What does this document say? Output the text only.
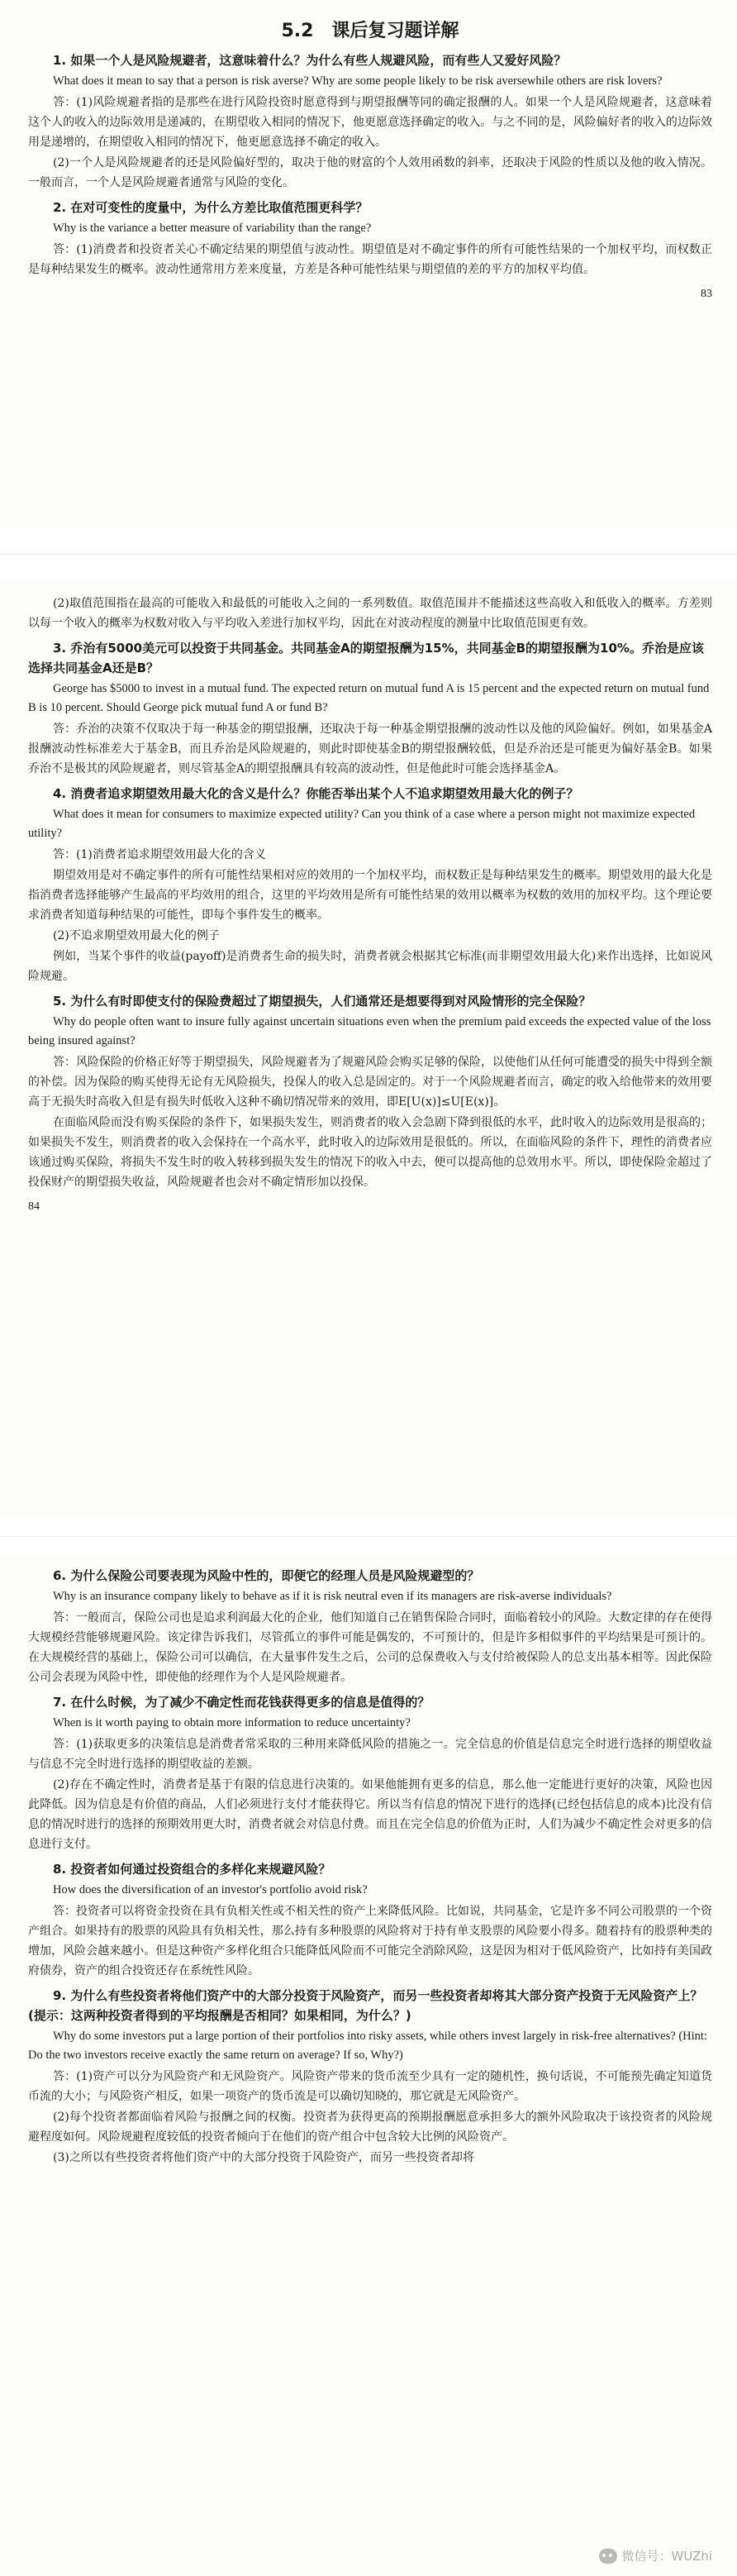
5.2　课后复习题详解
1. 如果一个人是风险规避者，这意味着什么？为什么有些人规避风险，而有些人又爱好风险？
What does it mean to say that a person is risk averse? Why are some people likely to be risk aversewhile others are risk lovers?
答：(1)风险规避者指的是那些在进行风险投资时愿意得到与期望报酬等同的确定报酬的人。如果一个人是风险规避者，这意味着这个人的收入的边际效用是递减的，在期望收入相同的情况下，他更愿意选择确定的收入。与之不同的是，风险偏好者的收入的边际效用是递增的，在期望收入相同的情况下，他更愿意选择不确定的收入。
(2)一个人是风险规避者的还是风险偏好型的，取决于他的财富的个人效用函数的斜率，还取决于风险的性质以及他的收入情况。一般而言，一个人是风险规避者通常与风险的变化。
2. 在对可变性的度量中，为什么方差比取值范围更科学？
Why is the variance a better measure of variability than the range?
答：(1)消费者和投资者关心不确定结果的期望值与波动性。期望值是对不确定事件的所有可能性结果的一个加权平均，而权数正是每种结果发生的概率。波动性通常用方差来度量，方差是各种可能性结果与期望值的差的平方的加权平均值。
83
(2)取值范围指在最高的可能收入和最低的可能收入之间的一系列数值。取值范围并不能描述这些高收入和低收入的概率。方差则以每一个收入的概率为权数对收入与平均收入差进行加权平均，因此在对波动程度的测量中比取值范围更有效。
3. 乔治有5000美元可以投资于共同基金。共同基金A的期望报酬为15%，共同基金B的期望报酬为10%。乔治是应该选择共同基金A还是B？
George has $5000 to invest in a mutual fund. The expected return on mutual fund A is 15 percent and the expected return on mutual fund B is 10 percent. Should George pick mutual fund A or fund B?
答：乔治的决策不仅取决于每一种基金的期望报酬，还取决于每一种基金期望报酬的波动性以及他的风险偏好。例如，如果基金A报酬波动性标准差大于基金B，而且乔治是风险规避的，则此时即使基金B的期望报酬较低，但是乔治还是可能更为偏好基金B。如果乔治不是极其的风险规避者，则尽管基金A的期望报酬具有较高的波动性，但是他此时可能会选择基金A。
4. 消费者追求期望效用最大化的含义是什么？你能否举出某个人不追求期望效用最大化的例子？
What does it mean for consumers to maximize expected utility? Can you think of a case where a person might not maximize expected utility?
答：(1)消费者追求期望效用最大化的含义
期望效用是对不确定事件的所有可能性结果相对应的效用的一个加权平均，而权数正是每种结果发生的概率。期望效用的最大化是指消费者选择能够产生最高的平均效用的组合，这里的平均效用是所有可能性结果的效用以概率为权数的效用的加权平均。这个理论要求消费者知道每种结果的可能性，即每个事件发生的概率。
(2)不追求期望效用最大化的例子
例如，当某个事件的收益(payoff)是消费者生命的损失时，消费者就会根据其它标准(而非期望效用最大化)来作出选择，比如说风险规避。
5. 为什么有时即使支付的保险费超过了期望损失，人们通常还是想要得到对风险情形的完全保险？
Why do people often want to insure fully against uncertain situations even when the premium paid exceeds the expected value of the loss being insured against?
答：风险保险的价格正好等于期望损失，风险规避者为了规避风险会购买足够的保险，以使他们从任何可能遭受的损失中得到全额的补偿。因为保险的购买使得无论有无风险损失，投保人的收入总是固定的。对于一个风险规避者而言，确定的收入给他带来的效用要高于无损失时高收入但是有损失时低收入这种不确切情况带来的效用，即E[U(x)]≤U[E(x)]。
在面临风险而没有购买保险的条件下，如果损失发生，则消费者的收入会急剧下降到很低的水平，此时收入的边际效用是很高的；如果损失不发生，则消费者的收入会保持在一个高水平，此时收入的边际效用是很低的。所以，在面临风险的条件下，理性的消费者应该通过购买保险，将损失不发生时的收入转移到损失发生的情况下的收入中去，便可以提高他的总效用水平。所以，即使保险金超过了投保财产的期望损失收益，风险规避者也会对不确定情形加以投保。
84
6. 为什么保险公司要表现为风险中性的，即便它的经理人员是风险规避型的？
Why is an insurance company likely to behave as if it is risk neutral even if its managers are risk-averse individuals?
答：一般而言，保险公司也是追求利润最大化的企业，他们知道自己在销售保险合同时，面临着较小的风险。大数定律的存在使得大规模经营能够规避风险。该定律告诉我们，尽管孤立的事件可能是偶发的，不可预计的，但是许多相似事件的平均结果是可预计的。在大规模经营的基础上，保险公司可以确信，在大量事件发生之后，公司的总保费收入与支付给被保险人的总支出基本相等。因此保险公司会表现为风险中性，即使他的经理作为个人是风险规避者。
7. 在什么时候，为了减少不确定性而花钱获得更多的信息是值得的？
When is it worth paying to obtain more information to reduce uncertainty?
答：(1)获取更多的决策信息是消费者常采取的三种用来降低风险的措施之一。完全信息的价值是信息完全时进行选择的期望收益与信息不完全时进行选择的期望收益的差额。
(2)存在不确定性时，消费者是基于有限的信息进行决策的。如果他能拥有更多的信息，那么他一定能进行更好的决策，风险也因此降低。因为信息是有价值的商品，人们必须进行支付才能获得它。所以当有信息的情况下进行的选择(已经包括信息的成本)比没有信息的情况时进行的选择的预期效用更大时，消费者就会对信息付费。而且在完全信息的价值为正时，人们为减少不确定性会对更多的信息进行支付。
8. 投资者如何通过投资组合的多样化来规避风险？
How does the diversification of an investor's portfolio avoid risk?
答：投资者可以将资金投资在具有负相关性或不相关性的资产上来降低风险。比如说，共同基金，它是许多不同公司股票的一个资产组合。如果持有的股票的风险具有负相关性，那么持有多种股票的风险将对于持有单支股票的风险要小得多。随着持有的股票种类的增加，风险会越来越小。但是这种资产多样化组合只能降低风险而不可能完全消除风险，这是因为相对于低风险资产，比如持有美国政府债券，资产的组合投资还存在系统性风险。
9. 为什么有些投资者将他们资产中的大部分投资于风险资产，而另一些投资者却将其大部分资产投资于无风险资产上？(提示：这两种投资者得到的平均报酬是否相同？如果相同，为什么？)
Why do some investors put a large portion of their portfolios into risky assets, while others invest largely in risk-free alternatives? (Hint: Do the two investors receive exactly the same return on average? If so, Why?)
答：(1)资产可以分为风险资产和无风险资产。风险资产带来的货币流至少具有一定的随机性，换句话说，不可能预先确定知道货币流的大小；与风险资产相反，如果一项资产的货币流是可以确切知晓的，那它就是无风险资产。
(2)每个投资者都面临着风险与报酬之间的权衡。投资者为获得更高的预期报酬愿意承担多大的额外风险取决于该投资者的风险规避程度如何。风险规避程度较低的投资者倾向于在他们的资产组合中包含较大比例的风险资产。
(3)之所以有些投资者将他们资产中的大部分投资于风险资产，而另一些投资者却将
微信号：WUZhi
